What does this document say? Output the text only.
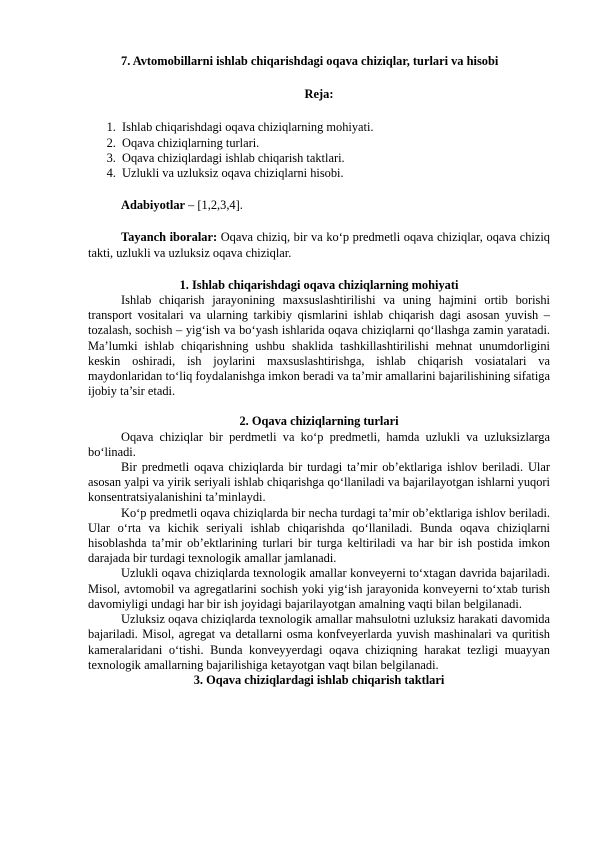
7. Avtomobillarni ishlab chiqarishdagi oqava chiziqlar, turlari va hisobi
Reja:
1. Ishlab chiqarishdagi oqava chiziqlarning mohiyati.
2. Oqava chiziqlarning turlari.
3. Oqava chiziqlardagi ishlab chiqarish taktlari.
4. Uzlukli va uzluksiz oqava chiziqlarni hisobi.

Adabiyotlar – [1,2,3,4].

Tayanch iboralar: Oqava chiziq, bir va ko‘p predmetli oqava chiziqlar, oqava chiziq takti, uzlukli va uzluksiz oqava chiziqlar.

1. Ishlab chiqarishdagi oqava chiziqlarning mohiyati

Ishlab chiqarish jarayonining maxsuslashtirilishi va uning hajmini ortib borishi transport vositalari va ularning tarkibiy qismlarini ishlab chiqarish dagi asosan yuvish – tozalash, sochish – yig‘ish va bo‘yash ishlarida oqava chiziqlarni qo‘llashga zamin yaratadi. Ma’lumki ishlab chiqarishning ushbu shaklida tashkillashtirilishi mehnat unumdorligini keskin oshiradi, ish joylarini maxsuslashtirishga, ishlab chiqarish vosiatalari va maydonlaridan to‘liq foydalanishga imkon beradi va ta’mir amallarini bajarilishining sifatiga ijobiy ta’sir etadi.

2. Oqava chiziqlarning turlari

Oqava chiziqlar bir perdmetli va ko‘p predmetli, hamda uzlukli va uzluksizlarga bo‘linadi.

Bir predmetli oqava chiziqlarda bir turdagi ta’mir ob’ektlariga ishlov beriladi. Ular asosan yalpi va yirik seriyali ishlab chiqarishga qo‘llaniladi va bajarilayotgan ishlarni yuqori konsentratsiyalanishini ta’minlaydi.

Ko‘p predmetli oqava chiziqlarda bir necha turdagi ta’mir ob’ektlariga ishlov beriladi. Ular o‘rta va kichik seriyali ishlab chiqarishda qo‘llaniladi. Bunda oqava chiziqlarni hisoblashda ta’mir ob’ektlarining turlari bir turga keltiriladi va har bir ish postida imkon darajada bir turdagi texnologik amallar jamlanadi.

Uzlukli oqava chiziqlarda texnologik amallar konveyerni to‘xtagan davrida bajariladi. Misol, avtomobil va agregatlarini sochish yoki yig‘ish jarayonida konveyerni to‘xtab turish davomiyligi undagi har bir ish joyidagi bajarilayotgan amalning vaqti bilan belgilanadi.

Uzluksiz oqava chiziqlarda texnologik amallar mahsulotni uzluksiz harakati davomida bajariladi. Misol, agregat va detallarni osma konfveyerlarda yuvish mashinalari va quritish kameralaridani o‘tishi. Bunda konveyyerdagi oqava chiziqning harakat tezligi muayyan texnologik amallarning bajarilishiga ketayotgan vaqt bilan belgilanadi.

3. Oqava chiziqlardagi ishlab chiqarish taktlari
